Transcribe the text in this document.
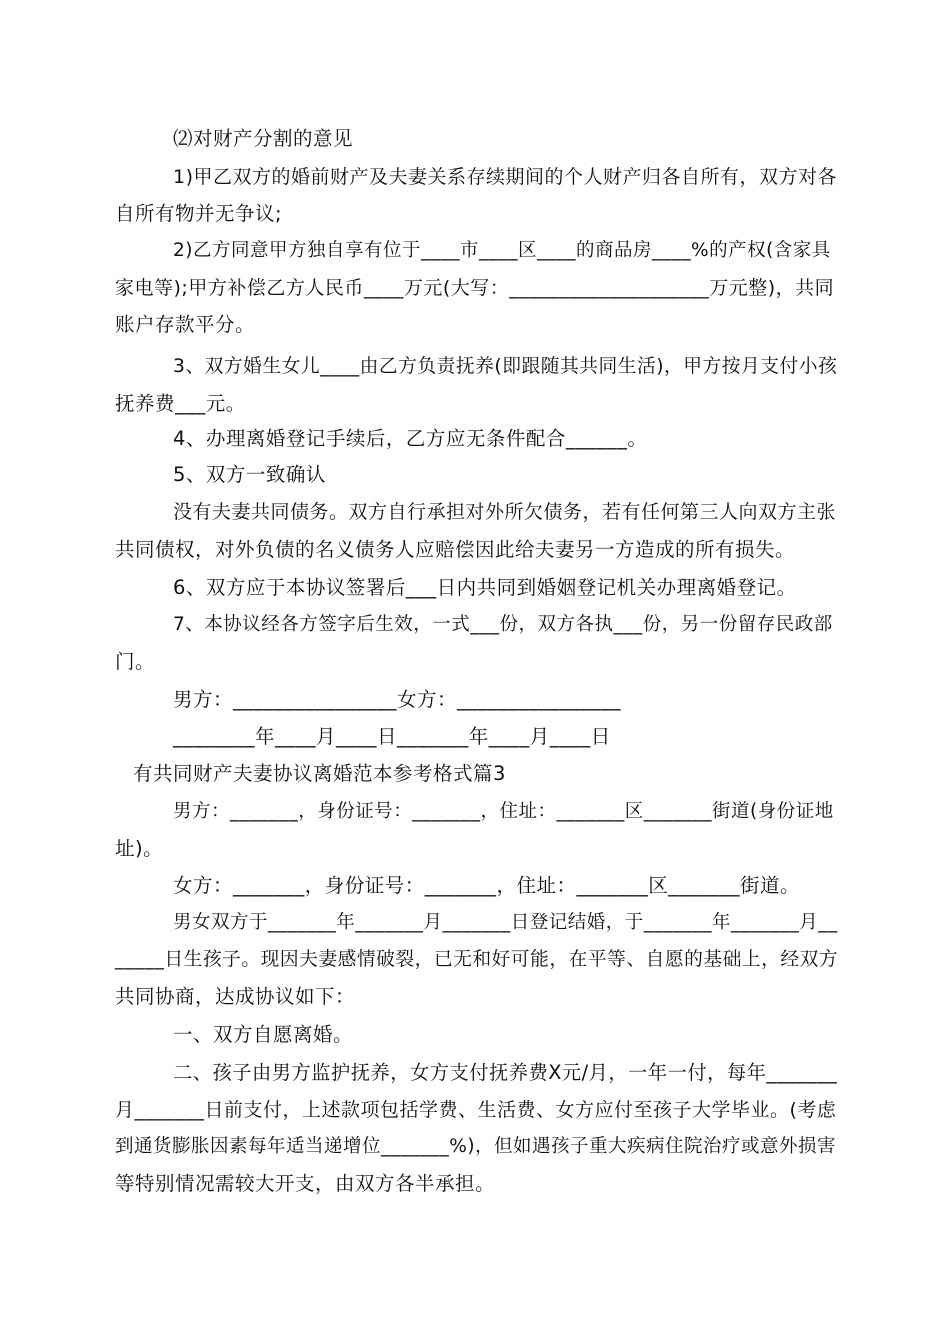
⑵对财产分割的意见

1)甲乙双方的婚前财产及夫妻关系存续期间的个人财产归各自所有，双方对各

自所有物并无争议;

2)乙方同意甲方独自享有位于____市____区____的商品房____%的产权(含家具

家电等);甲方补偿乙方人民币____万元(大写：____________________万元整)，共同

账户存款平分。

3、双方婚生女儿____由乙方负责抚养(即跟随其共同生活)，甲方按月支付小孩

抚养费___元。

4、办理离婚登记手续后，乙方应无条件配合______。

5、双方一致确认

没有夫妻共同债务。双方自行承担对外所欠债务，若有任何第三人向双方主张

共同债权，对外负债的名义债务人应赔偿因此给夫妻另一方造成的所有损失。

6、双方应于本协议签署后___日内共同到婚姻登记机关办理离婚登记。

7、本协议经各方签字后生效，一式___份，双方各执___份，另一份留存民政部

门。

男方：________________女方：________________

________年____月____日_______年____月____日

有共同财产夫妻协议离婚范本参考格式篇3

男方：_______，身份证号：_______，住址：_______区_______街道(身份证地

址)。

女方：_______，身份证号：_______，住址：_______区_______街道。

男女双方于_______年_______月_______日登记结婚，于_______年_______月__

_____日生孩子。现因夫妻感情破裂，已无和好可能，在平等、自愿的基础上，经双方

共同协商，达成协议如下：

一、双方自愿离婚。

二、孩子由男方监护抚养，女方支付抚养费X元/月，一年一付，每年_______

月_______日前支付，上述款项包括学费、生活费、女方应付至孩子大学毕业。(考虑

到通货膨胀因素每年适当递增位_______%)，但如遇孩子重大疾病住院治疗或意外损害

等特别情况需较大开支，由双方各半承担。
